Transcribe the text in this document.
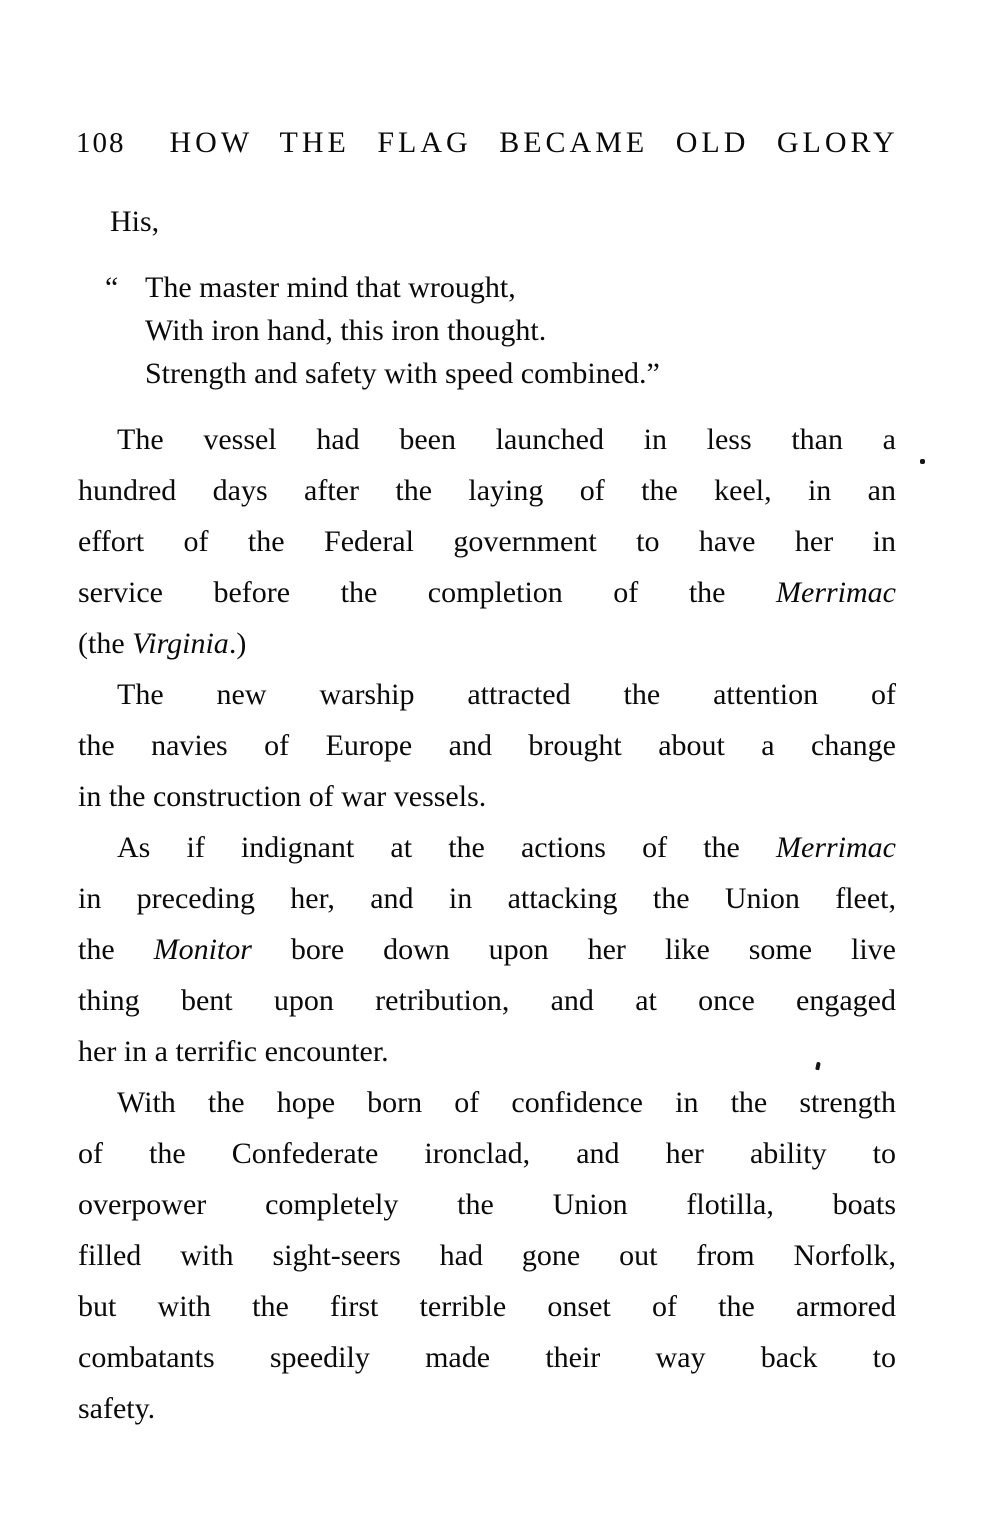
108 HOW THE FLAG BECAME OLD GLORY
His,
“ The master mind that wrought,
With iron hand, this iron thought.
Strength and safety with speed combined.”
The vessel had been launched in less than a
hundred days after the laying of the keel, in an
effort of the Federal government to have her in
service before the completion of the Merrimac
(the Virginia.)
The new warship attracted the attention of
the navies of Europe and brought about a change
in the construction of war vessels.
As if indignant at the actions of the Merrimac
in preceding her, and in attacking the Union fleet,
the Monitor bore down upon her like some live
thing bent upon retribution, and at once engaged
her in a terrific encounter.
With the hope born of confidence in the strength
of the Confederate ironclad, and her ability to
overpower completely the Union flotilla, boats
filled with sight-seers had gone out from Norfolk,
but with the first terrible onset of the armored
combatants speedily made their way back to
safety.
